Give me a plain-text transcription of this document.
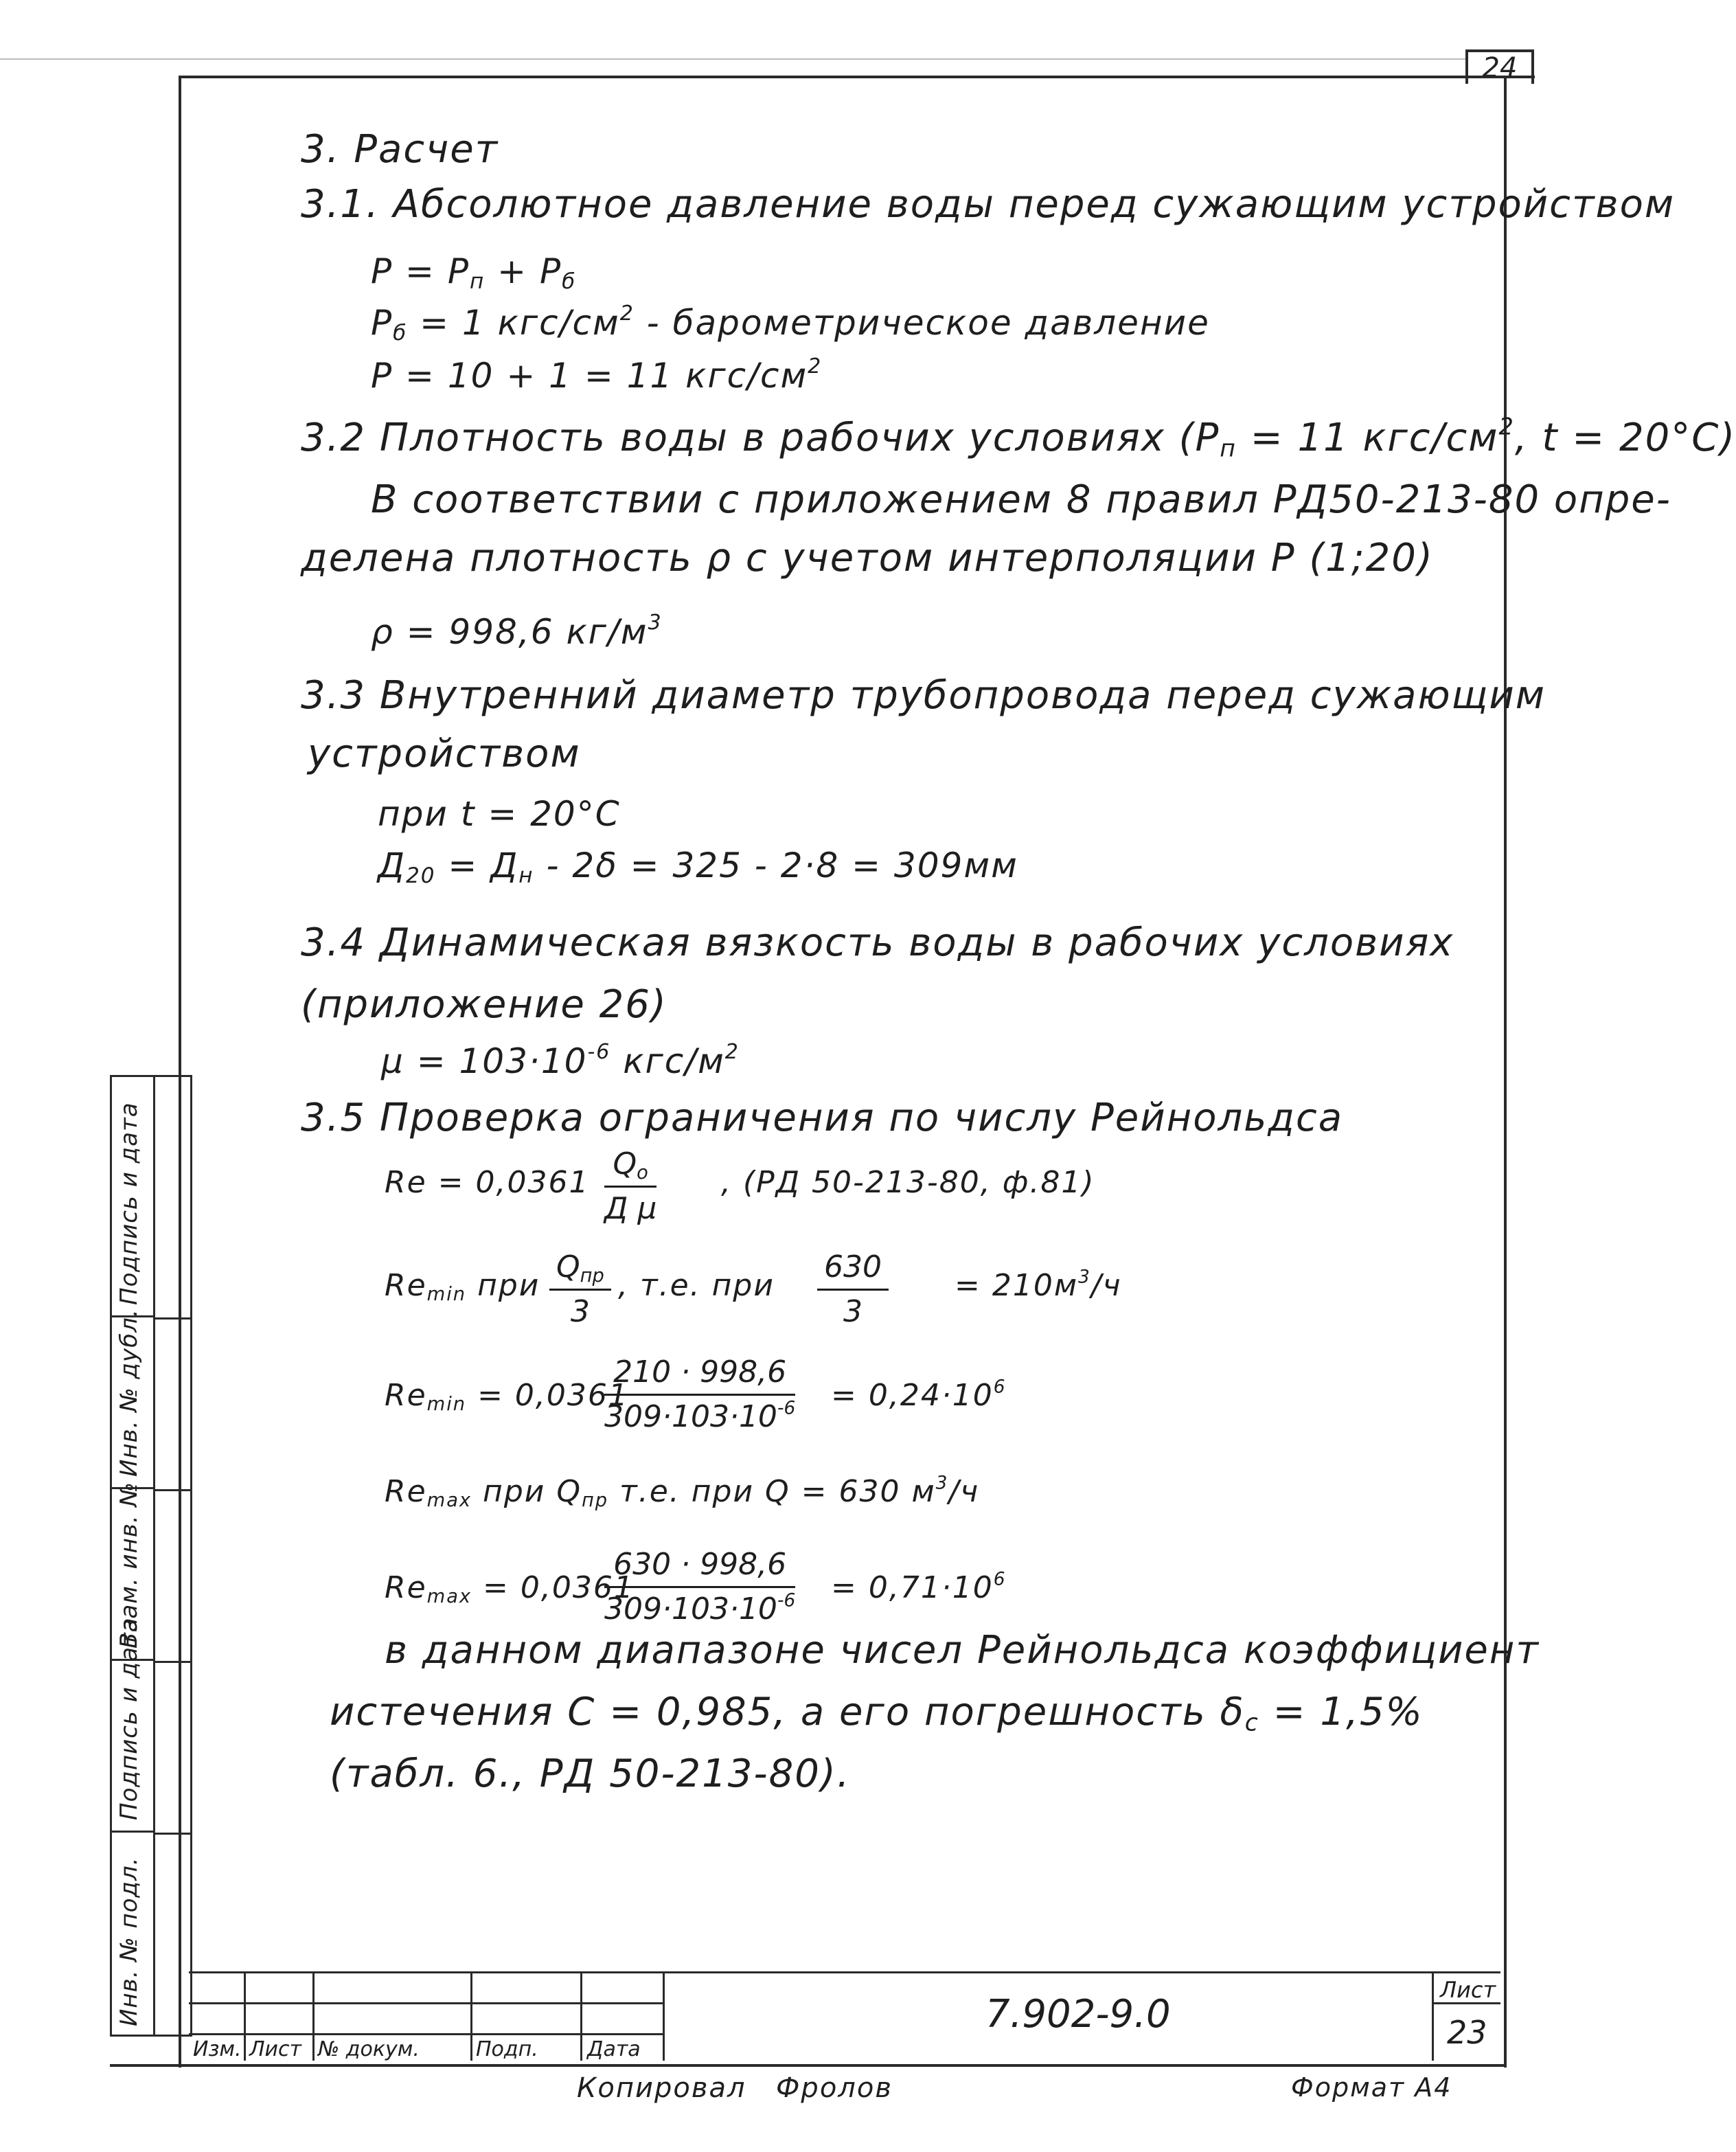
24
3. Расчет
3.1. Абсолютное давление воды перед сужающим устройством
$P = P_п + P_б$
$P_б = 1$ кгс/$см^2$ - барометрическое давление
P = 10 + 1 = 11 кгс/$см^2$
3.2 Плотность воды в рабочих условиях ($P_п = 11$ кгс/$см^2$, t = 20°C)
В соответствии с приложением 8 правил РД50-213-80 опре-
делена плотность ρ с учетом интерполяции P (1;20)
ρ = 998,6 $кг/м^3$
3.3 Внутренний диаметр трубопровода перед сужающим
устройством
при t = 20°C
$Д_{20} = Д_н - 2\delta = 325 - 2\cdot 8 = 309мм$
3.4 Динамическая вязкость воды в рабочих условиях
(приложение 26)
$\mu = 103\cdot 10^{-6}$ кгс/$м^2$
3.5 Проверка ограничения по числу Рейнольдса
Re = 0,0361
$Q_о$
Д μ
, (РД 50-213-80, ф.81)
$Re_{min}$ при
$Q_{пр}$
3
, т.е. при $\frac{630}{3} = 210м^3/ч$
$Re_{min} = 0,0361$
$\frac{210 \cdot 998,6}{309\cdot 103\cdot 10^{-6}} = 0,24\cdot 10^6$
$Re_{max}$ при $Q_{пр}$ т.е. при Q = 630 $м^3/ч$
$Re_{max} = 0,0361$
$\frac{630 \cdot 998,6}{309\cdot 103\cdot 10^{-6}} = 0,71\cdot 10^6$
в данном диапазоне чисел Рейнольдса коэффициент
истечения C = 0,985, а его погрешность $\delta_c = 1,5\%$
(табл. 6., РД 50-213-80).
Инв. № подл.
Подпись и дата
Взам. инв. №
Инв. № дубл.
Подпись и дата
Изм. Лист № докум.	Подп. Дата
7.902-9.0
Лист
23
Копировал Фролов	Формат А4
